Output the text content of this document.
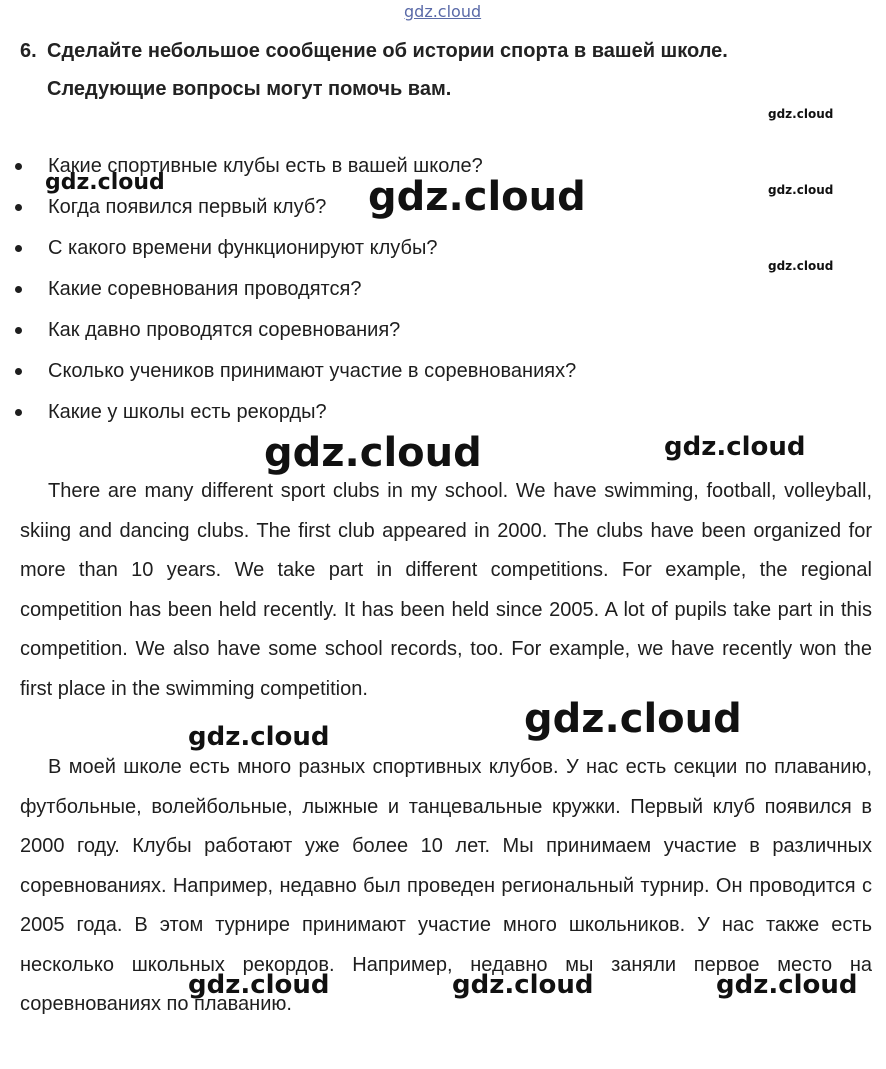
gdz.cloud
6. Сделайте небольшое сообщение об истории спорта в вашей школе.
Следующие вопросы могут помочь вам.
Какие спортивные клубы есть в вашей школе?
Когда появился первый клуб?
С какого времени функционируют клубы?
Какие соревнования проводятся?
Как давно проводятся соревнования?
Сколько учеников принимают участие в соревнованиях?
Какие у школы есть рекорды?

There are many different sport clubs in my school. We have swimming, football, volleyball, skiing and dancing clubs. The first club appeared in 2000. The clubs have been organized for more than 10 years. We take part in different competitions. For example, the regional competition has been held recently. It has been held since 2005. A lot of pupils take part in this competition. We also have some school records, too. For example, we have recently won the first place in the swimming competition.

В моей школе есть много разных спортивных клубов. У нас есть секции по плаванию, футбольные, волейбольные, лыжные и танцевальные кружки. Первый клуб появился в 2000 году. Клубы работают уже более 10 лет. Мы принимаем участие в различных соревнованиях. Например, недавно был проведен региональный турнир. Он проводится с 2005 года. В этом турнире принимают участие много школьников. У нас также есть несколько школьных рекордов. Например, недавно мы заняли первое место на соревнованиях по плаванию.

gdz.cloud
gdz.cloud
gdz.cloud
gdz.cloud	gdz.cloud
gdz.cloud	gdz.cloud
gdz.cloud
gdz.cloud
gdz.cloud	gdz.cloud	gdz.cloud
